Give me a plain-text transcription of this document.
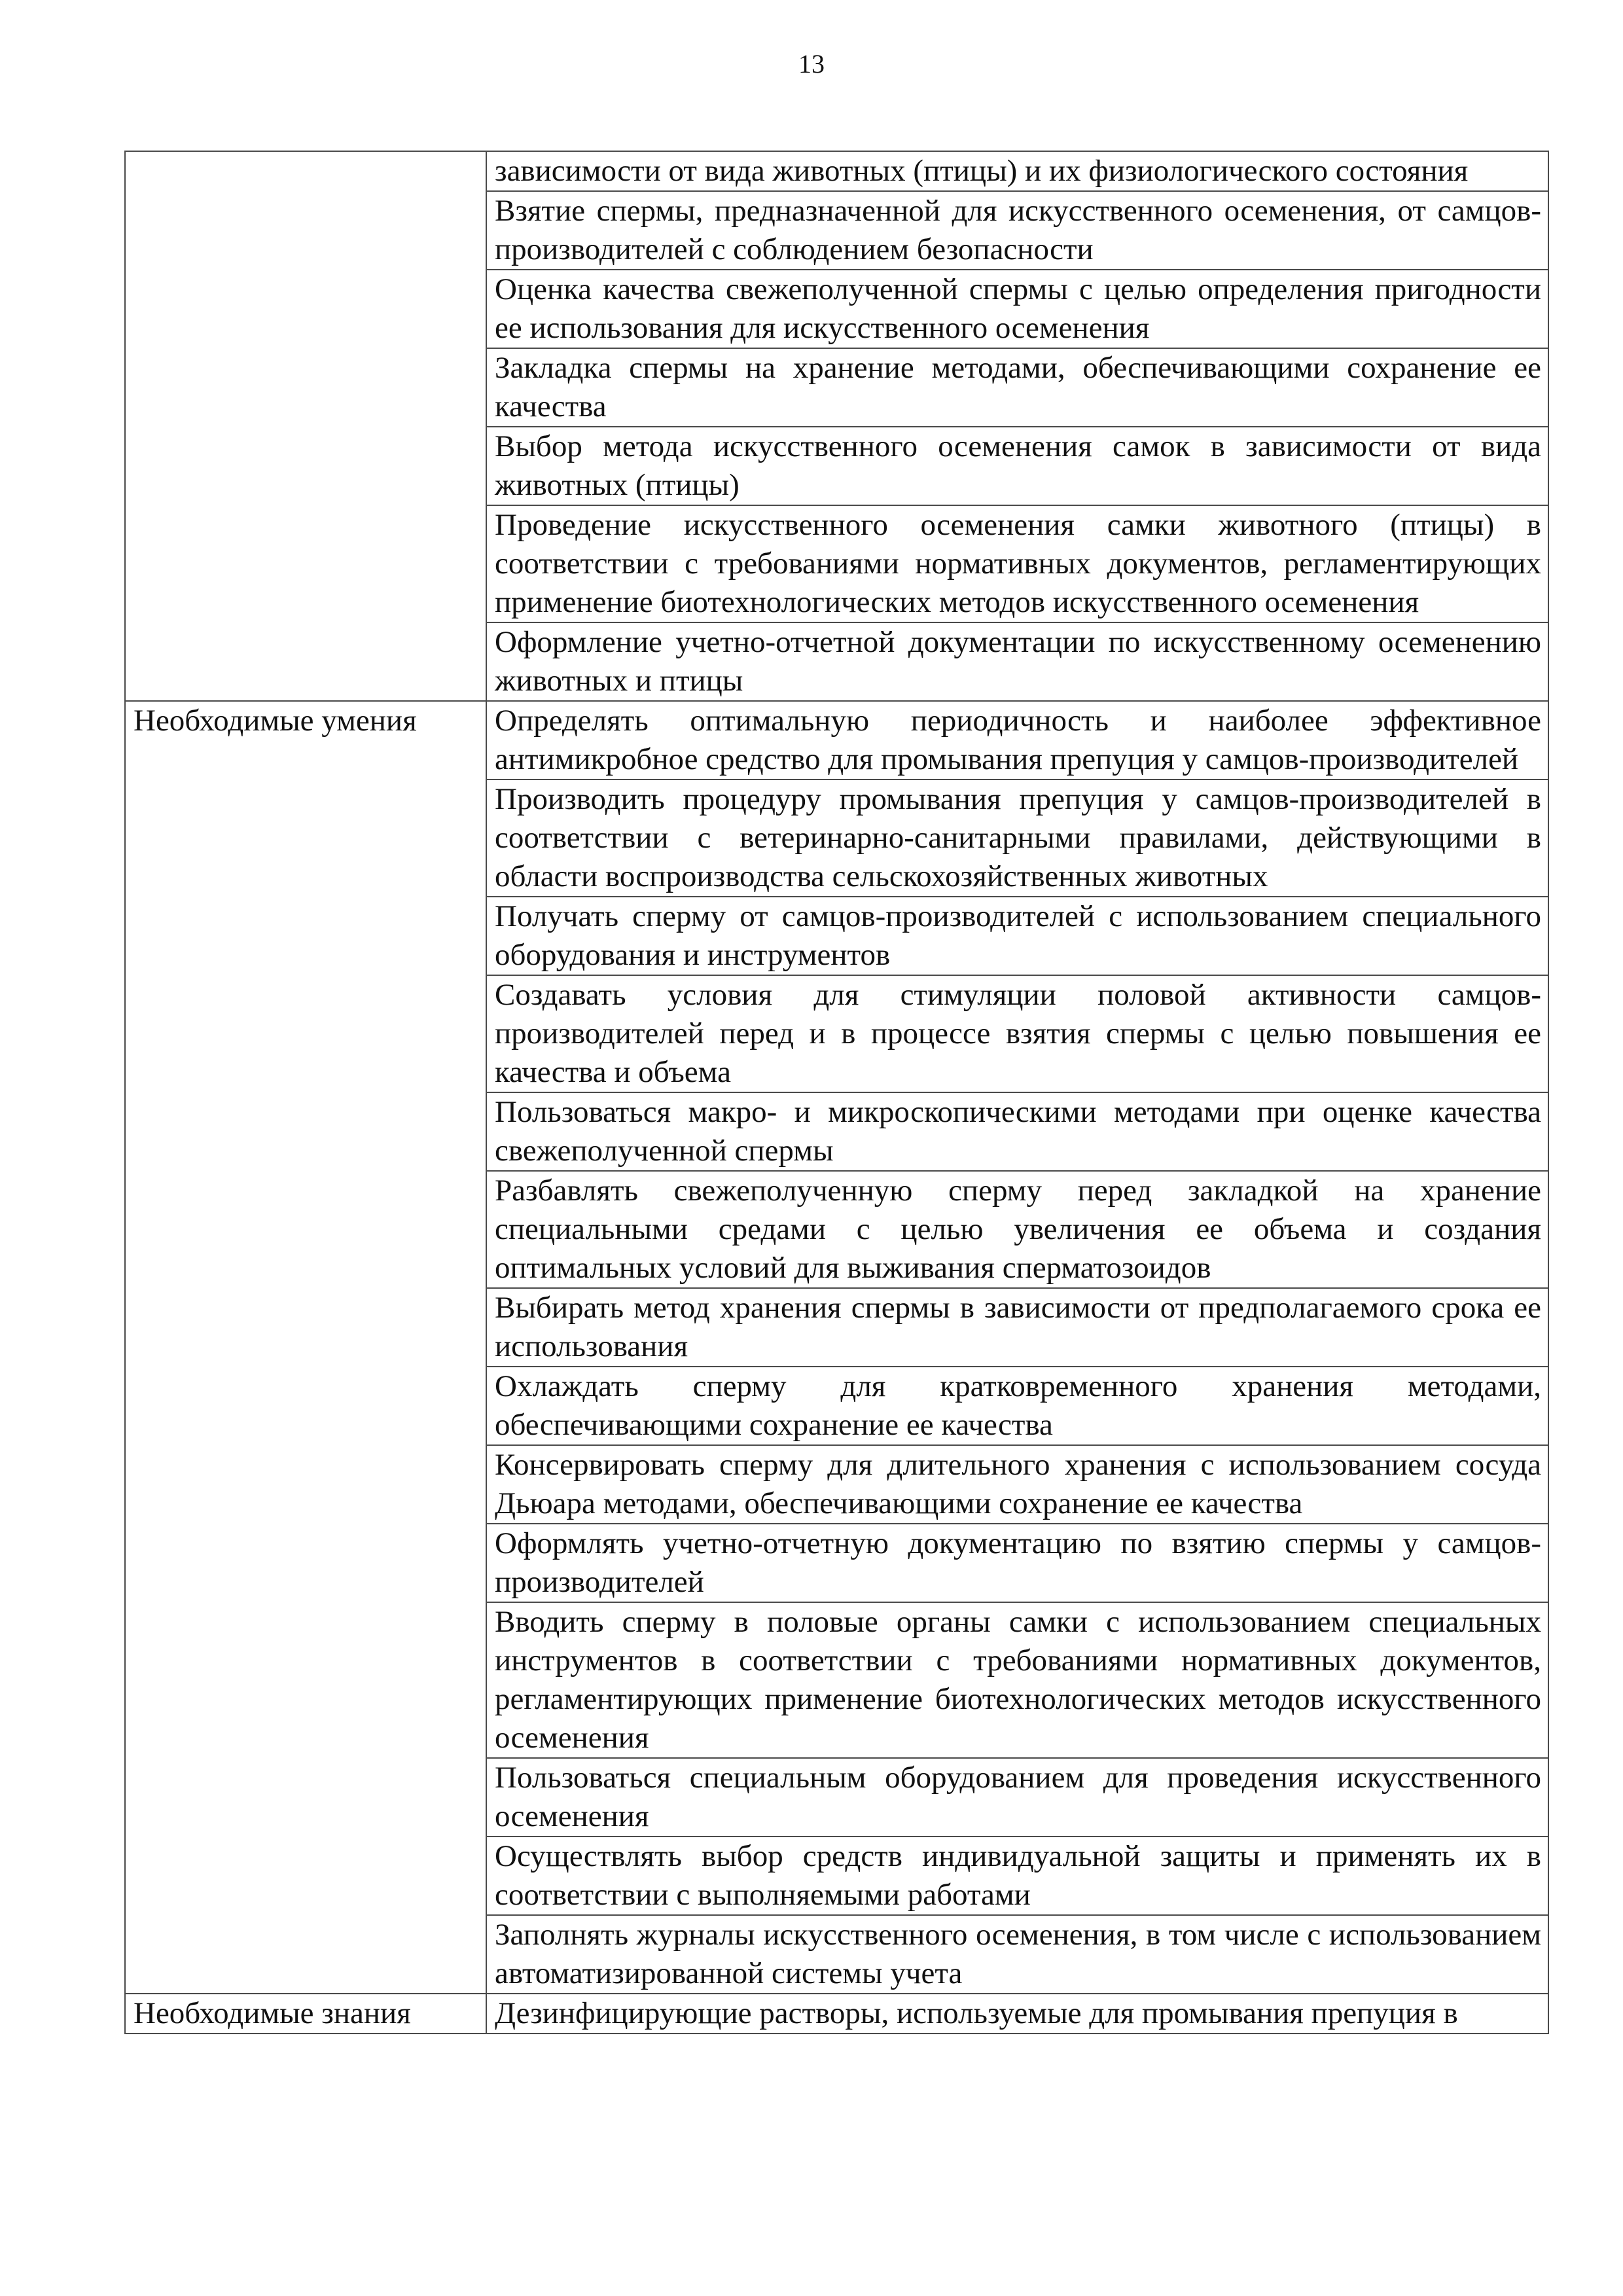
13
	зависимости от вида животных (птицы) и их физиологического состояния
	Взятие спермы, предназначенной для искусственного осеменения, от самцов-производителей с соблюдением безопасности
	Оценка качества свежеполученной спермы с целью определения пригодности ее использования для искусственного осеменения
	Закладка спермы на хранение методами, обеспечивающими сохранение ее качества
	Выбор метода искусственного осеменения самок в зависимости от вида животных (птицы)
	Проведение искусственного осеменения самки животного (птицы) в соответствии с требованиями нормативных документов, регламентирующих применение биотехнологических методов искусственного осеменения
	Оформление учетно-отчетной документации по искусственному осеменению животных и птицы
Необходимые умения	Определять оптимальную периодичность и наиболее эффективное антимикробное средство для промывания препуция у самцов-производителей
	Производить процедуру промывания препуция у самцов-производителей в соответствии с ветеринарно-санитарными правилами, действующими в области воспроизводства сельскохозяйственных животных
	Получать сперму от самцов-производителей с использованием специального оборудования и инструментов
	Создавать условия для стимуляции половой активности самцов-производителей перед и в процессе взятия спермы с целью повышения ее качества и объема
	Пользоваться макро- и микроскопическими методами при оценке качества свежеполученной спермы
	Разбавлять свежеполученную сперму перед закладкой на хранение специальными средами с целью увеличения ее объема и создания оптимальных условий для выживания сперматозоидов
	Выбирать метод хранения спермы в зависимости от предполагаемого срока ее использования
	Охлаждать сперму для кратковременного хранения методами, обеспечивающими сохранение ее качества
	Консервировать сперму для длительного хранения с использованием сосуда Дьюара методами, обеспечивающими сохранение ее качества
	Оформлять учетно-отчетную документацию по взятию спермы у самцов-производителей
	Вводить сперму в половые органы самки с использованием специальных инструментов в соответствии с требованиями нормативных документов, регламентирующих применение биотехнологических методов искусственного осеменения
	Пользоваться специальным оборудованием для проведения искусственного осеменения
	Осуществлять выбор средств индивидуальной защиты и применять их в соответствии с выполняемыми работами
	Заполнять журналы искусственного осеменения, в том числе с использованием автоматизированной системы учета
Необходимые знания	Дезинфицирующие растворы, используемые для промывания препуция в
